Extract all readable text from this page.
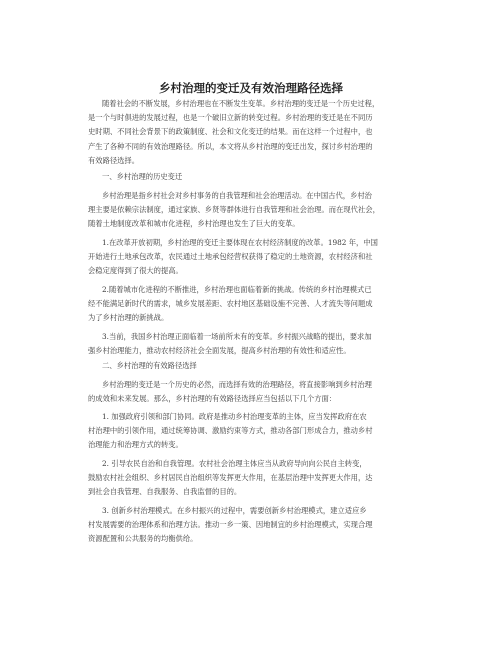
乡村治理的变迁及有效治理路径选择
随着社会的不断发展，乡村治理也在不断发生变革。乡村治理的变迁是一个历史过程，
是一个与时俱进的发展过程，也是一个破旧立新的转变过程。乡村治理的变迁是在不同历
史时期、不同社会背景下的政策制度、社会和文化变迁的结果。而在这样一个过程中，也
产生了各种不同的有效治理路径。所以，本文将从乡村治理的变迁出发，探讨乡村治理的
有效路径选择。
一、乡村治理的历史变迁
乡村治理是指乡村社会对乡村事务的自我管理和社会治理活动。在中国古代，乡村治
理主要是依赖宗法制度，通过家族、乡贤等群体进行自我管理和社会治理。而在现代社会，
随着土地制度改革和城市化进程，乡村治理也发生了巨大的变革。
1.在改革开放初期，乡村治理的变迁主要体现在农村经济制度的改革。1982 年，中国
开始进行土地承包改革，农民通过土地承包经营权获得了稳定的土地资源，农村经济和社
会稳定度得到了很大的提高。
2.随着城市化进程的不断推进，乡村治理也面临着新的挑战。传统的乡村治理模式已
经不能满足新时代的需求，城乡发展差距、农村地区基础设施不完善、人才流失等问题成
为了乡村治理的新挑战。
3.当前，我国乡村治理正面临着一场前所未有的变革。乡村振兴战略的提出，要求加
强乡村治理能力，推动农村经济社会全面发展，提高乡村治理的有效性和适应性。
二、乡村治理的有效路径选择
乡村治理的变迁是一个历史的必然，而选择有效的治理路径，将直接影响到乡村治理
的成效和未来发展。那么，乡村治理的有效路径选择应当包括以下几个方面：
1. 加强政府引领和部门协同。政府是推动乡村治理变革的主体，应当发挥政府在农
村治理中的引领作用，通过统筹协调、激励约束等方式，推动各部门形成合力，推动乡村
治理能力和治理方式的转变。
2. 引导农民自治和自我管理。农村社会治理主体应当从政府导向向公民自主转变，
鼓励农村社会组织、乡村居民自治组织等发挥更大作用，在基层治理中发挥更大作用，达
到社会自我管理、自我服务、自我监督的目的。
3. 创新乡村治理模式。在乡村振兴的过程中，需要创新乡村治理模式，建立适应乡
村发展需要的治理体系和治理方法。推动一乡一策、因地制宜的乡村治理模式，实现合理
资源配置和公共服务的均衡供给。
